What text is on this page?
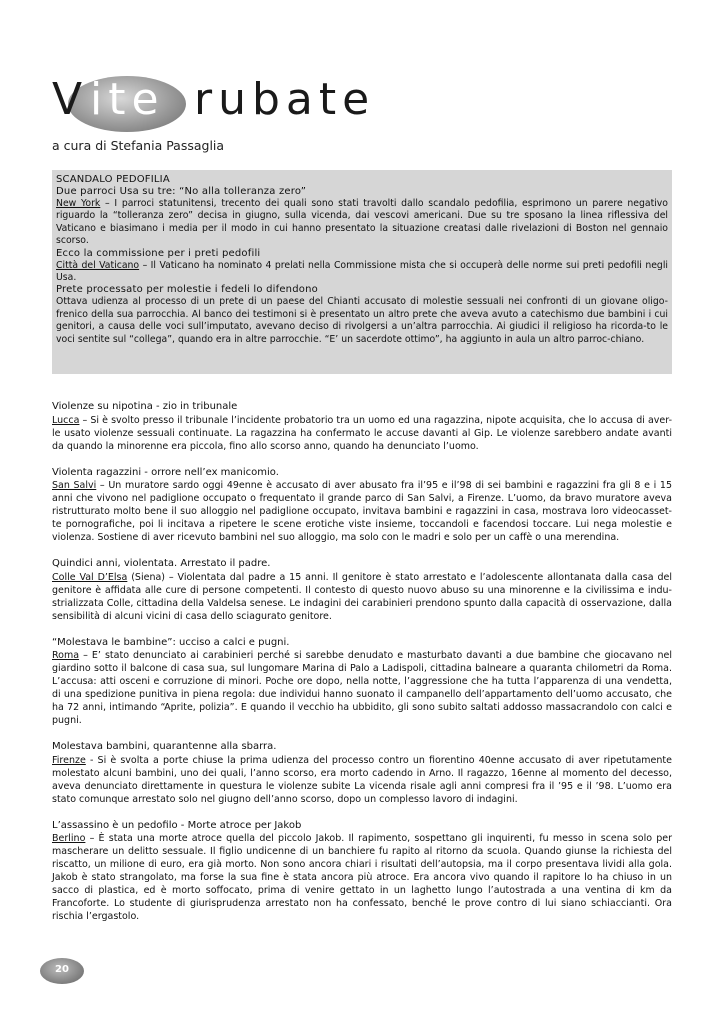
V ite rubate
a cura di Stefania Passaglia
SCANDALO PEDOFILIA
Due parroci Usa su tre: “No alla tolleranza zero”
New York – I parroci statunitensi, trecento dei quali sono stati travolti dallo scandalo pedofilia, esprimono un parere negativo riguardo la “tolleranza zero” decisa in giugno, sulla vicenda, dai vescovi americani. Due su tre sposano la linea riflessiva del Vaticano e biasimano i media per il modo in cui hanno presentato la situazione creatasi dalle rivelazioni di Boston nel gennaio scorso.
Ecco la commissione per i preti pedofili
Città del Vaticano – Il Vaticano ha nominato 4 prelati nella Commissione mista che si occuperà delle norme sui preti pedofili negli Usa.
Prete processato per molestie i fedeli lo difendono
Ottava udienza al processo di un prete di un paese del Chianti accusato di molestie sessuali nei confronti di un giovane oligo-frenico della sua parrocchia. Al banco dei testimoni si è presentato un altro prete che aveva avuto a catechismo due bambini i cui genitori, a causa delle voci sull’imputato, avevano deciso di rivolgersi a un’altra parrocchia. Ai giudici il religioso ha ricorda-to le voci sentite sul “collega”, quando era in altre parrocchie. “E’ un sacerdote ottimo”, ha aggiunto in aula un altro parroc-chiano.
Violenze su nipotina - zio in tribunale

Lucca – Si è svolto presso il tribunale l’incidente probatorio tra un uomo ed una ragazzina, nipote acquisita, che lo accusa di aver-le usato violenze sessuali continuate. La ragazzina ha confermato le accuse davanti al Gip. Le violenze sarebbero andate avanti da quando la minorenne era piccola, fino allo scorso anno, quando ha denunciato l’uomo.

Violenta ragazzini - orrore nell’ex manicomio.

San Salvi – Un muratore sardo oggi 49enne è accusato di aver abusato fra il’95 e il’98 di sei bambini e ragazzini fra gli 8 e i 15 anni che vivono nel padiglione occupato o frequentato il grande parco di San Salvi, a Firenze. L’uomo, da bravo muratore aveva ristrutturato molto bene il suo alloggio nel padiglione occupato, invitava bambini e ragazzini in casa, mostrava loro videocasset-te pornografiche, poi li incitava a ripetere le scene erotiche viste insieme, toccandoli e facendosi toccare. Lui nega molestie e violenza. Sostiene di aver ricevuto bambini nel suo alloggio, ma solo con le madri e solo per un caffè o una merendina.

Quindici anni, violentata. Arrestato il padre.

Colle Val D’Elsa (Siena) – Violentata dal padre a 15 anni. Il genitore è stato arrestato e l’adolescente allontanata dalla casa del genitore è affidata alle cure di persone competenti. Il contesto di questo nuovo abuso su una minorenne e la civilissima e indu-strializzata Colle, cittadina della Valdelsa senese. Le indagini dei carabinieri prendono spunto dalla capacità di osservazione, dalla sensibilità di alcuni vicini di casa dello sciagurato genitore.

“Molestava le bambine”: ucciso a calci e pugni.

Roma – E’ stato denunciato ai carabinieri perché si sarebbe denudato e masturbato davanti a due bambine che giocavano nel giardino sotto il balcone di casa sua, sul lungomare Marina di Palo a Ladispoli, cittadina balneare a quaranta chilometri da Roma. L’accusa: atti osceni e corruzione di minori. Poche ore dopo, nella notte, l’aggressione che ha tutta l’apparenza di una vendetta, di una spedizione punitiva in piena regola: due individui hanno suonato il campanello dell’appartamento dell’uomo accusato, che ha 72 anni, intimando “Aprite, polizia”. E quando il vecchio ha ubbidito, gli sono subito saltati addosso massacrandolo con calci e pugni.

Molestava bambini, quarantenne alla sbarra.

Firenze - Si è svolta a porte chiuse la prima udienza del processo contro un fiorentino 40enne accusato di aver ripetutamente molestato alcuni bambini, uno dei quali, l’anno scorso, era morto cadendo in Arno. Il ragazzo, 16enne al momento del decesso, aveva denunciato direttamente in questura le violenze subite La vicenda risale agli anni compresi fra il ’95 e il ’98. L’uomo era stato comunque arrestato solo nel giugno dell’anno scorso, dopo un complesso lavoro di indagini.

L’assassino è un pedofilo - Morte atroce per Jakob

Berlino – È stata una morte atroce quella del piccolo Jakob. Il rapimento, sospettano gli inquirenti, fu messo in scena solo per mascherare un delitto sessuale. Il figlio undicenne di un banchiere fu rapito al ritorno da scuola. Quando giunse la richiesta del riscatto, un milione di euro, era già morto. Non sono ancora chiari i risultati dell’autopsia, ma il corpo presentava lividi alla gola. Jakob è stato strangolato, ma forse la sua fine è stata ancora più atroce. Era ancora vivo quando il rapitore lo ha chiuso in un sacco di plastica, ed è morto soffocato, prima di venire gettato in un laghetto lungo l’autostrada a una ventina di km da Francoforte. Lo studente di giurisprudenza arrestato non ha confessato, benché le prove contro di lui siano schiaccianti. Ora rischia l’ergastolo.

20
